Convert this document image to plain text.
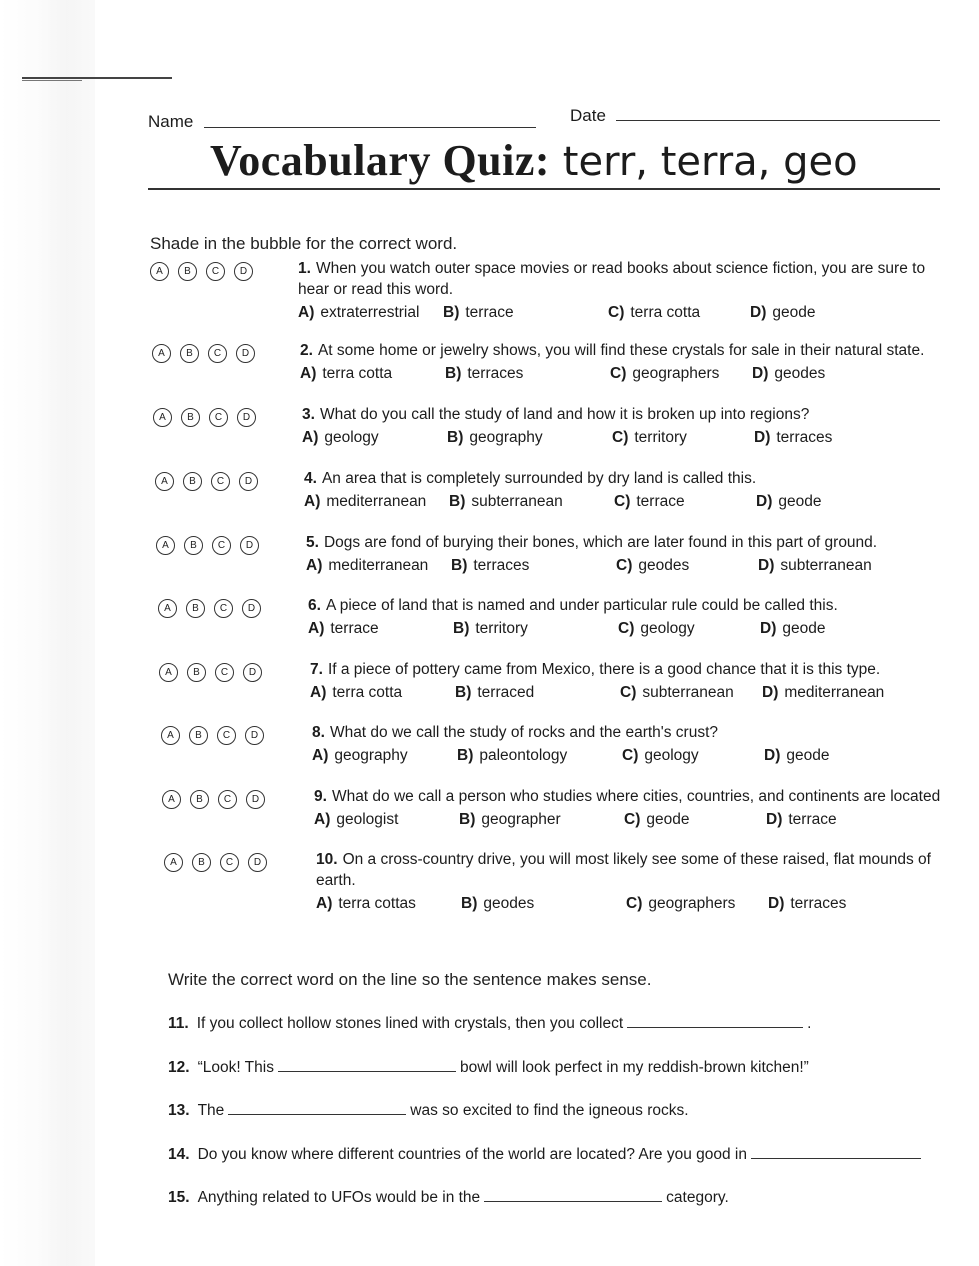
Name	Date
Vocabulary Quiz: terr, terra, geo
Shade in the bubble for the correct word.
A	B	C	D	1. When you watch outer space movies or read books about science fiction, you are sure to hear or read this word.
A) extraterrestrial B) terrace	C) terra cotta	D) geode
A	B	C	D	2. At some home or jewelry shows, you will find these crystals for sale in their natural state.
A) terra cotta	B) terraces	C) geographers D) geodes
A	B	C	D	3. What do you call the study of land and how it is broken up into regions?
A) geology	B) geography	C) territory	D) terraces
A	B	C	D	4. An area that is completely surrounded by dry land is called this.
A) mediterranean B) subterranean	C) terrace	D) geode
A	B	C	D	5. Dogs are fond of burying their bones, which are later found in this part of ground.
A) mediterranean B) terraces	C) geodes	D) subterranean
A	B	C	D	6. A piece of land that is named and under particular rule could be called this.
A) terrace	B) territory	C) geology	D) geode
A	B	C	D	7. If a piece of pottery came from Mexico, there is a good chance that it is this type.
A) terra cotta	B) terraced	C) subterranean D) mediterranean
A	B	C	D	8. What do we call the study of rocks and the earth's crust?
A) geography	B) paleontology	C) geology	D) geode
A	B	C	D	9. What do we call a person who studies where cities, countries, and continents are located
A) geologist	B) geographer	C) geode	D) terrace
A	B	C	D	10. On a cross-country drive, you will most likely see some of these raised, flat mounds of earth.
A) terra cottas	B) geodes	C) geographers D) terraces
Write the correct word on the line so the sentence makes sense.
11. If you collect hollow stones lined with crystals, then you collect	.
12. “Look! This	bowl will look perfect in my reddish-brown kitchen!”
13. The	was so excited to find the igneous rocks.
14. Do you know where different countries of the world are located? Are you good in
15. Anything related to UFOs would be in the	category.
